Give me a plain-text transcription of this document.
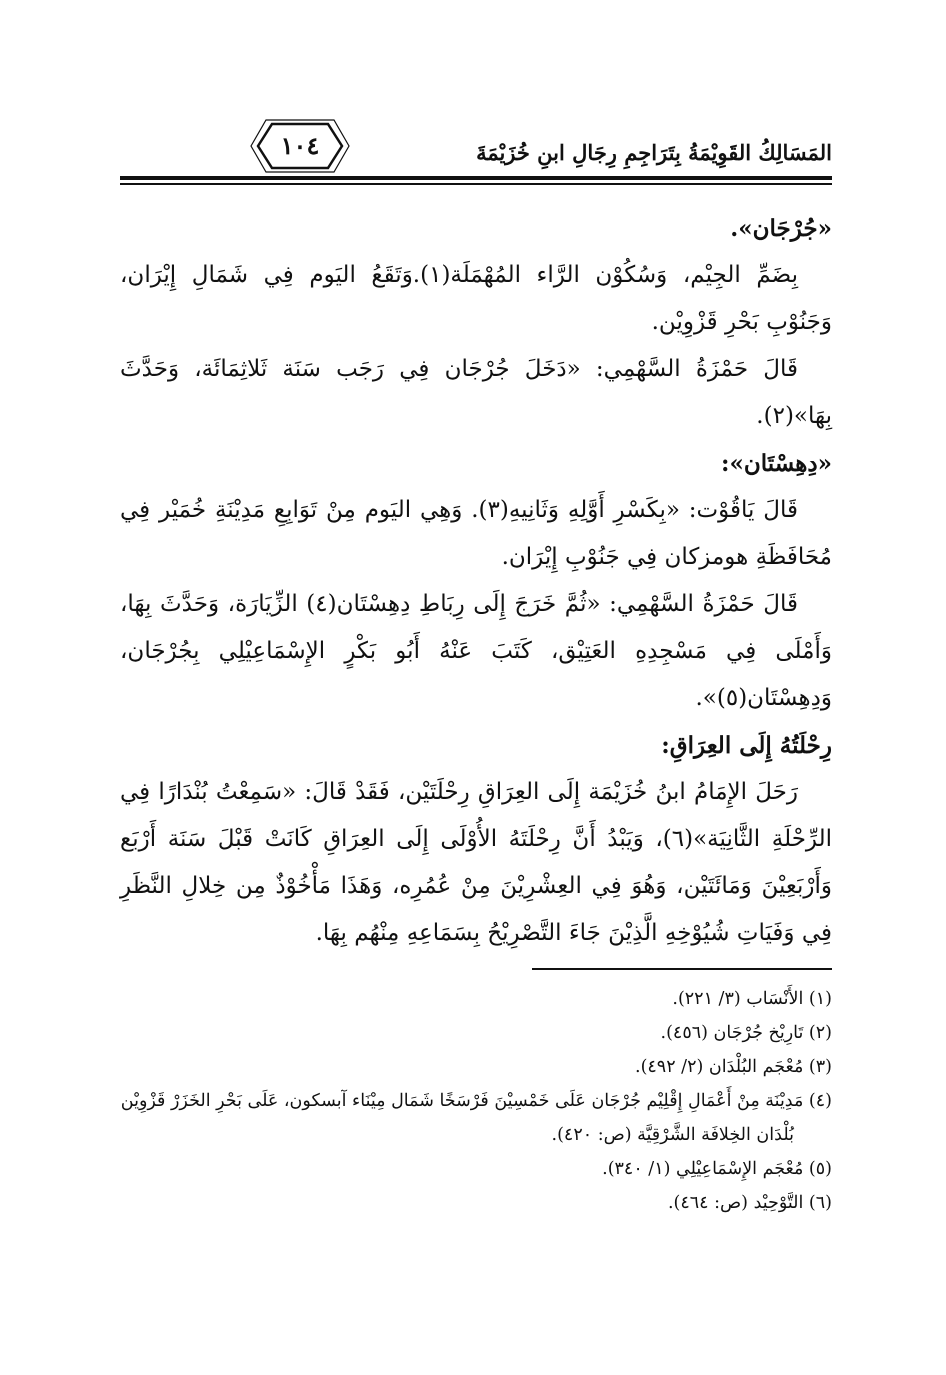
المَسَالِكُ القَوِيْمَةُ بِتَرَاجِمِ رِجَالِ ابنِ خُزَيْمَةَ
١٠٤

«جُرْجَان».

بِضَمِّ الجِيْم، وَسُكُوْن الرَّاء المُهْمَلَة(١).وَتَقَعُ اليَوم فِي شَمَالِ إِيْرَان، وَجَنُوْبِ بَحْرِ قَزْوِيْن.

قَالَ حَمْزَةُ السَّهْمِي: «دَخَلَ جُرْجَان فِي رَجَب سَنَة ثَلاثِمَائَة، وَحَدَّثَ بِهَا»(٢).

«دِهِسْتَان»:

قَالَ يَاقُوْت: «بِكَسْرِ أَوَّلِهِ وَثَانِيهِ(٣). وَهِي اليَوم مِنْ تَوَابِعِ مَدِيْنَةِ خُمَيْر فِي مُحَافَظَةِ هومزكان فِي جَنُوْبِ إِيْرَان.

قَالَ حَمْزَةُ السَّهْمِي: «ثُمَّ خَرَجَ إِلَى رِبَاطِ دِهِسْتَان(٤) الزِّيَارَة، وَحَدَّثَ بِهَا، وَأَمْلَى فِي مَسْجِدِهِ العَتِيْق، كَتَبَ عَنْهُ أَبُو بَكْرٍ الإِسْمَاعِيْلِي بِجُرْجَان، وَدِهِسْتَان(٥)».

رِحْلَتُهُ إِلَى العِرَاقِ:

رَحَلَ الإِمَامُ ابنُ خُزَيْمَة إِلَى العِرَاقِ رِحْلَتَيْن، فَقَدْ قَالَ: «سَمِعْتُ بُنْدَارًا فِي الرِّحْلَةِ الثَّانِيَة»(٦)، وَيَبْدُ أَنَّ رِحْلَتَهُ الأُوْلَى إِلَى العِرَاقِ كَانَتْ قَبْلَ سَنَة أَرْبَع وَأَرْبَعِيْنَ وَمَائَتَيْن، وَهُوَ فِي العِشْرِيْنَ مِنْ عُمُرِه، وَهَذَا مَأْخُوْذٌ مِن خِلالِ النَّظَرِ فِي وَفَيَاتِ شُيُوْخِهِ الَّذِيْنَ جَاءَ التَّصْرِيْحُ بِسَمَاعِهِ مِنْهُم بِهَا.

(١) الأَنْسَاب (٣/ ٢٢١).

(٢) تَارِيْخ جُرْجَان (٤٥٦).

(٣) مُعْجَم البُلْدَان (٢/ ٤٩٢).

(٤) مَدِيْنَة مِنْ أَعْمَالِ إِقْلِيْم جُرْجَان عَلَى خَمْسِيْنَ فَرْسَخًا شَمَال مِيْنَاء آبسكون، عَلَى بَحْرِ الخَزَرْ قَزْوِيْن

بُلْدَان الخِلافَة الشَّرْقِيَّة (ص: ٤٢٠).

(٥) مُعْجَم الإِسْمَاعِيْلِي (١/ ٣٤٠).

(٦) التَّوْحِيْد (ص: ٤٦٤).
